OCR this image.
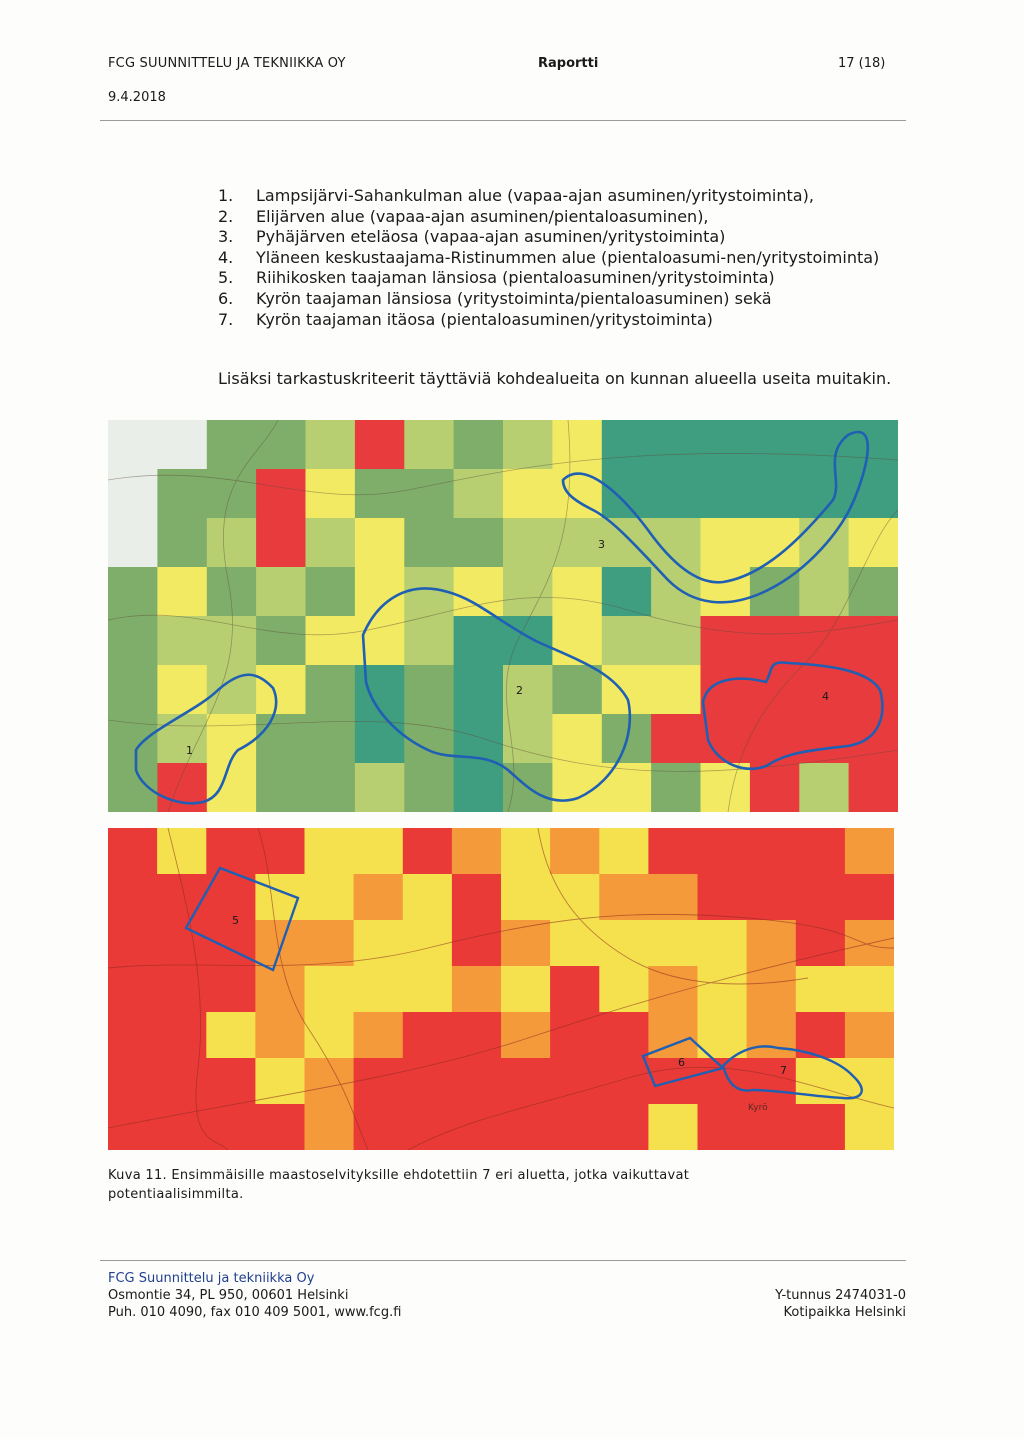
FCG SUUNNITTELU JA TEKNIIKKA OY	Raportti	17 (18)
9.4.2018
1.	Lampsijärvi-Sahankulman alue (vapaa-ajan asuminen/yritystoiminta),
2.	Elijärven alue (vapaa-ajan asuminen/pientaloasuminen),
3.	Pyhäjärven eteläosa (vapaa-ajan asuminen/yritystoiminta)
4.	Yläneen keskustaajama-Ristinummen alue (pientaloasumi-nen/yritystoiminta)
5.	Riihikosken taajaman länsiosa (pientaloasuminen/yritystoiminta)
6.	Kyrön taajaman länsiosa (yritystoiminta/pientaloasuminen) sekä
7.	Kyrön taajaman itäosa (pientaloasuminen/yritystoiminta)
Lisäksi tarkastuskriteerit täyttäviä kohdealueita on kunnan alueella useita muitakin.
1
2
3
4
5
6
7
Kyrö
Kuva 11. Ensimmäisille maastoselvityksille ehdotettiin 7 eri aluetta, jotka vaikuttavat potentiaalisimmilta.
FCG Suunnittelu ja tekniikka Oy
Osmontie 34, PL 950, 00601 Helsinki
Puh. 010 4090, fax 010 409 5001, www.fcg.fi
Y-tunnus 2474031-0
Kotipaikka Helsinki
